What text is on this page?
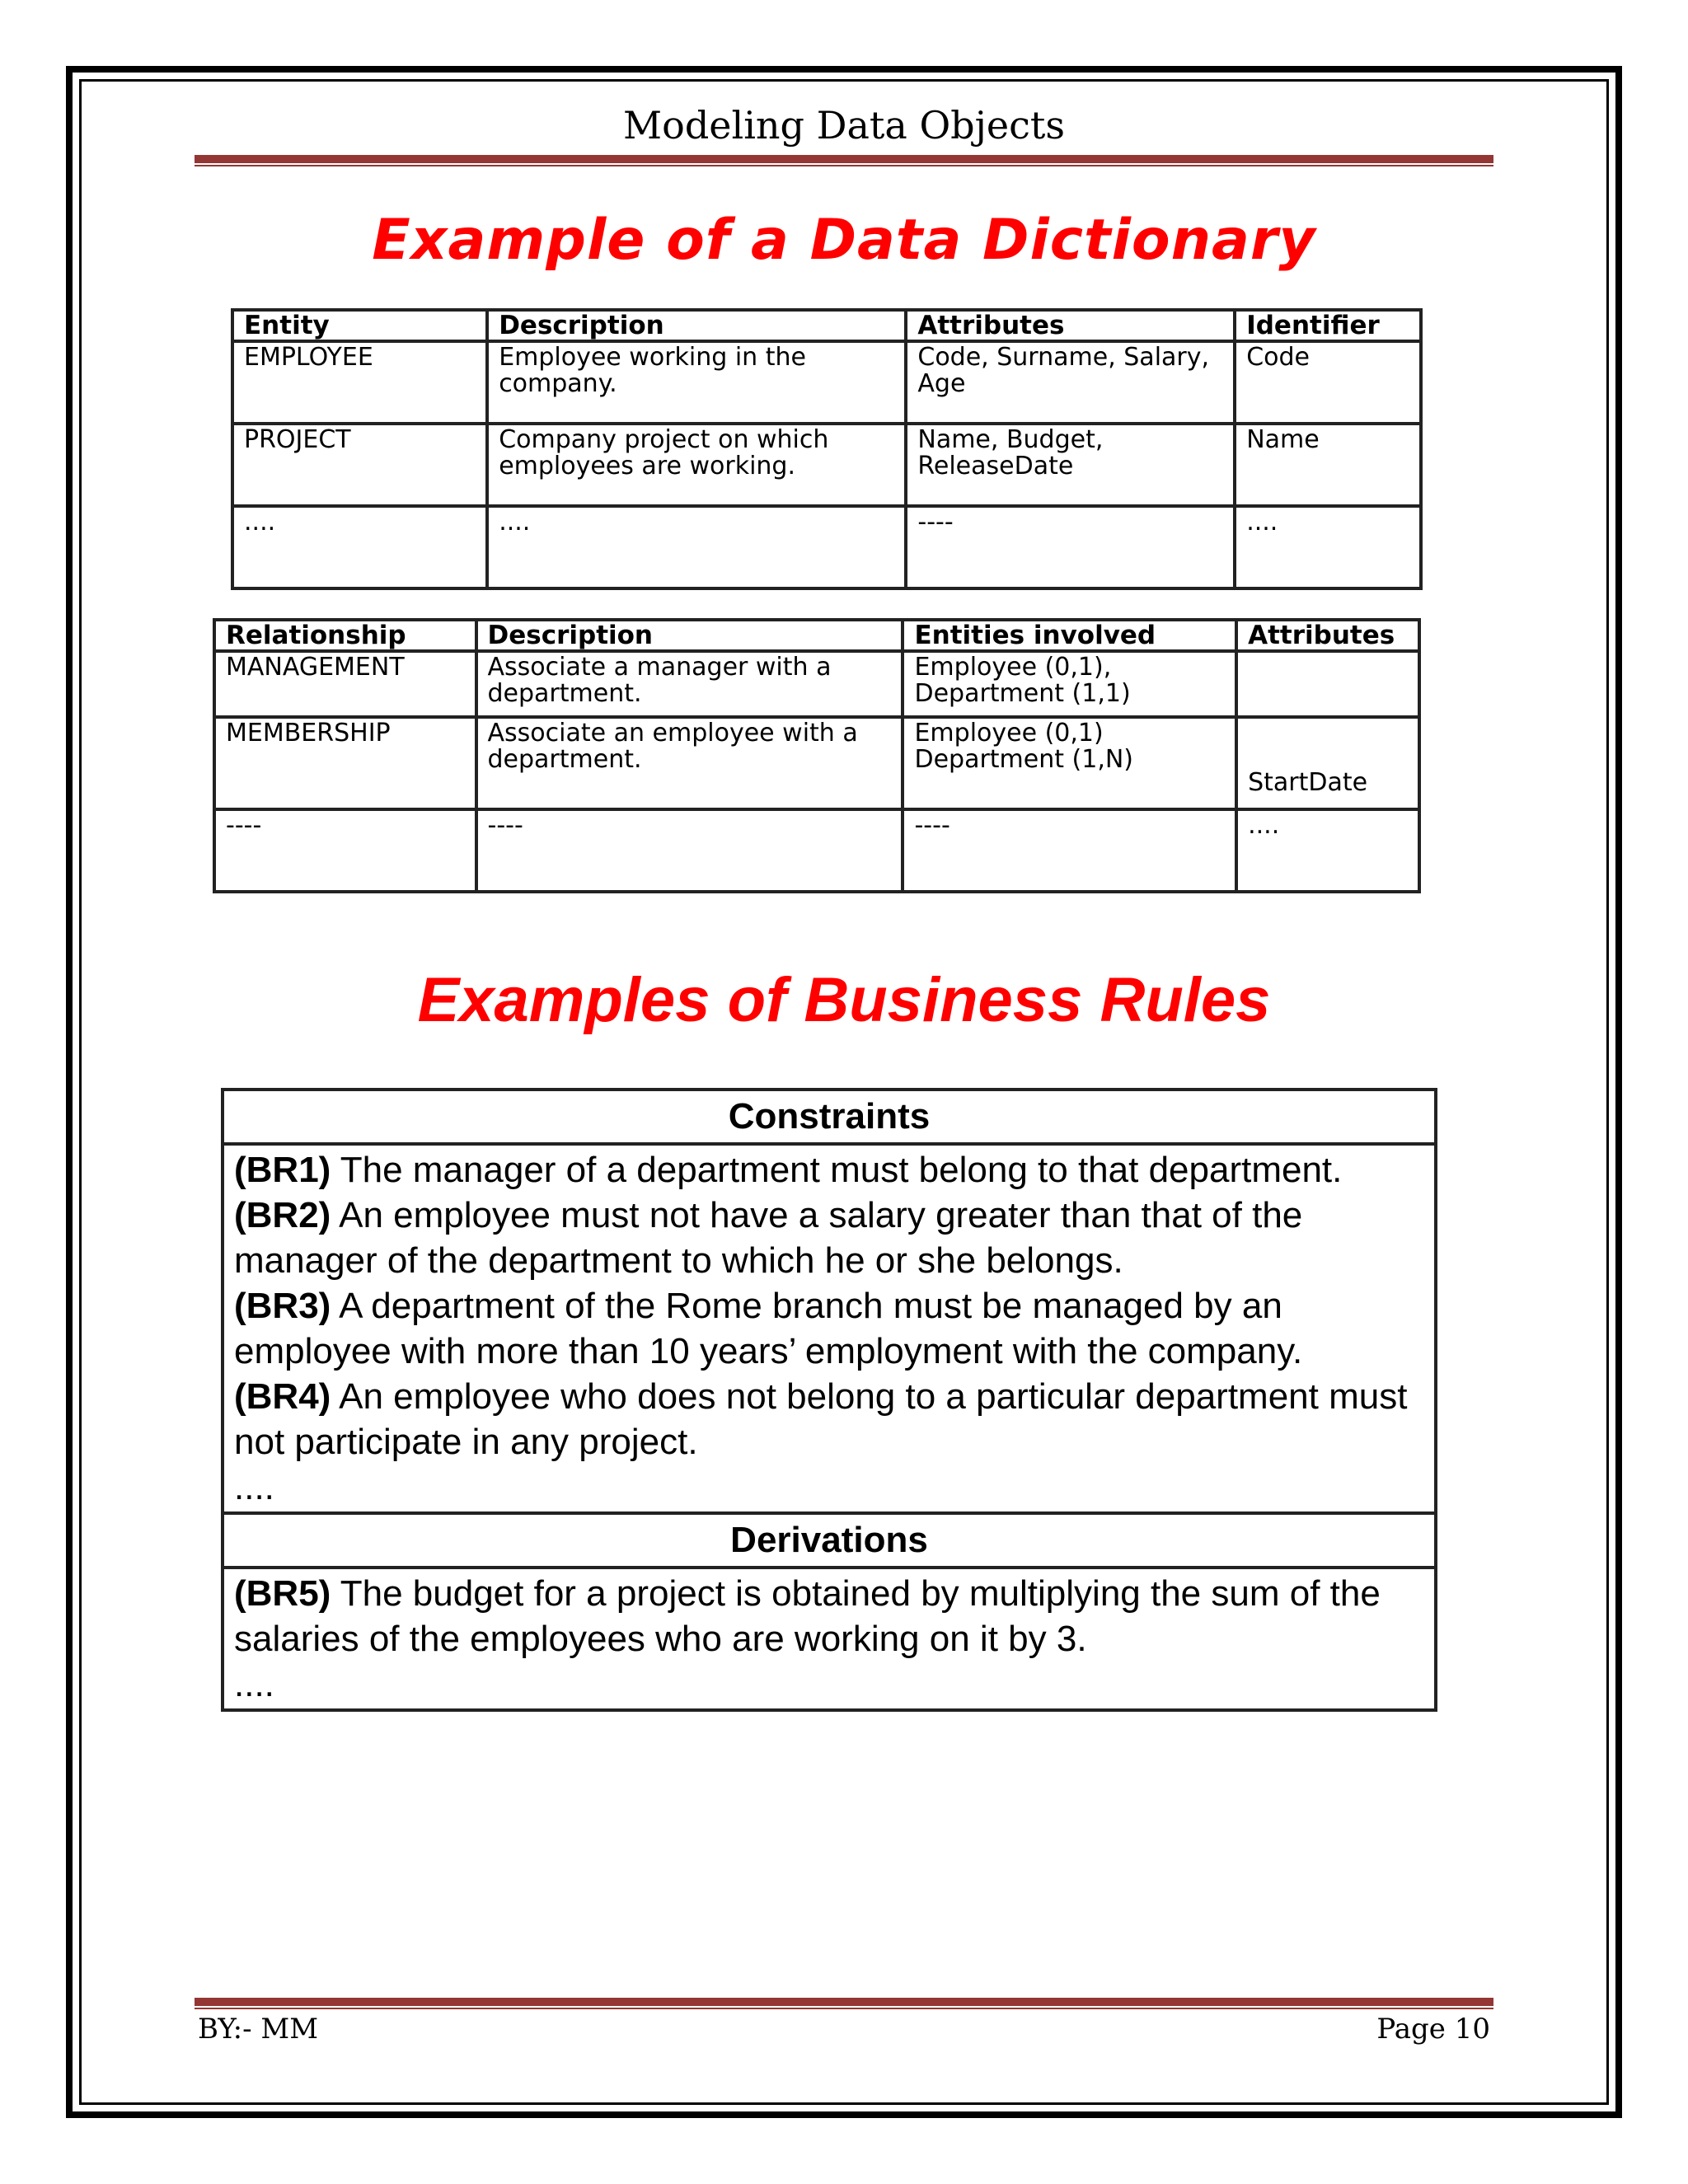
Modeling Data Objects
Example of a Data Dictionary
Entity	Description	Attributes	Identifier
EMPLOYEE	Employee working in the company.	Code, Surname, Salary, Age	Code
PROJECT	Company project on which employees are working.	Name, Budget, ReleaseDate	Name
....	....	----	....
Relationship	Description	Entities involved	Attributes
MANAGEMENT	Associate a manager with a department.	Employee (0,1), Department (1,1)	
MEMBERSHIP	Associate an employee with a department.	Employee (0,1) Department (1,N)	StartDate
----	----	----	....
Examples of Business Rules
Constraints

(BR1) The manager of a department must belong to that department.
(BR2) An employee must not have a salary greater than that of the manager of the department to which he or she belongs.
(BR3) A department of the Rome branch must be managed by an employee with more than 10 years’ employment with the company.
(BR4) An employee who does not belong to a particular department must not participate in any project.
....

Derivations

(BR5) The budget for a project is obtained by multiplying the sum of the salaries of the employees who are working on it by 3.
....
BY:- MM	Page 10
